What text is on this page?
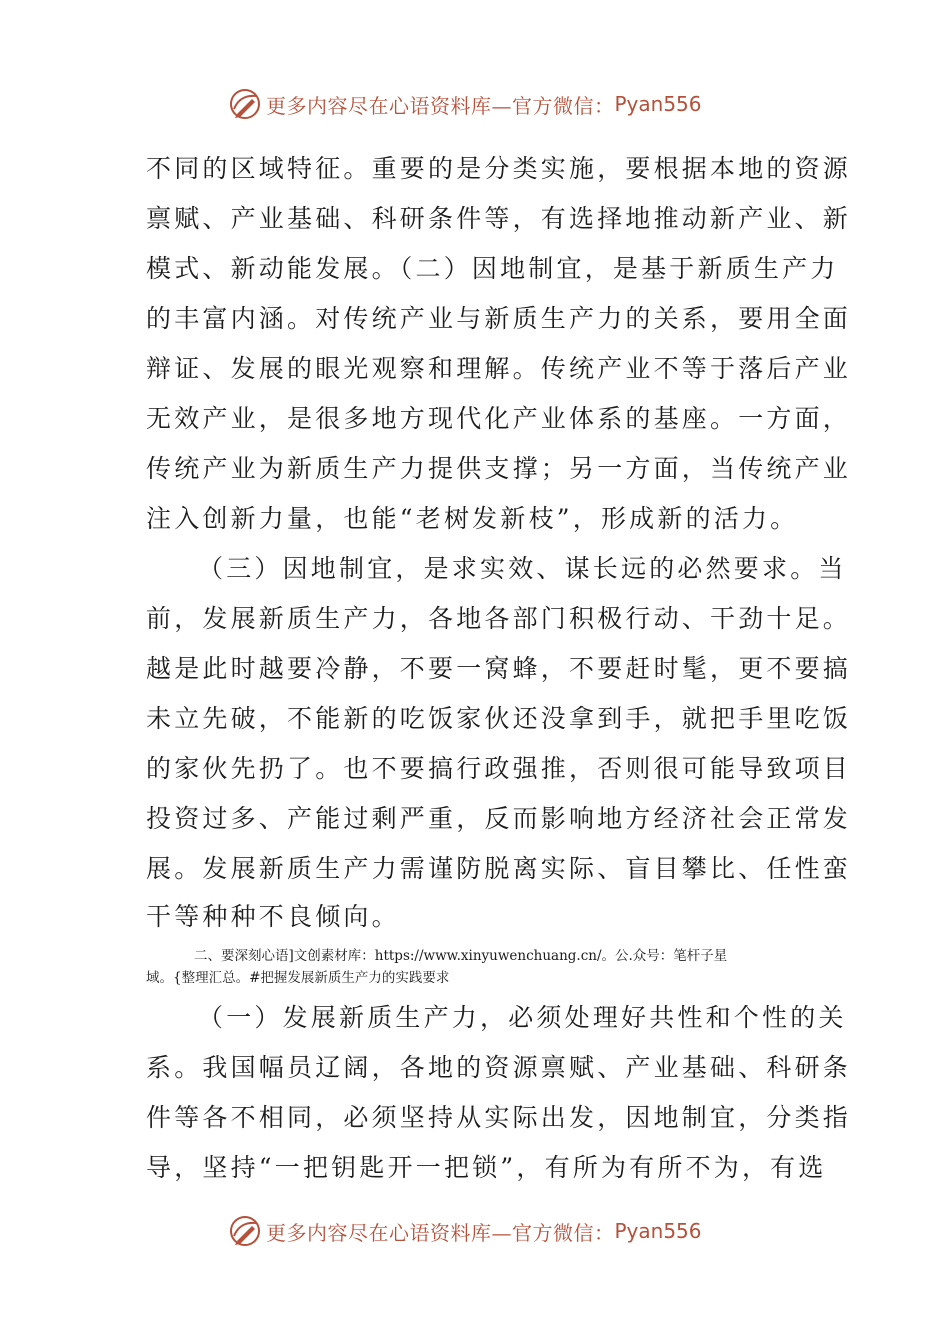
更多内容尽在心语资料库—官方微信： Pyan556
不同的区域特征。重要的是分类实施，要根据本地的资源
禀赋、产业基础、科研条件等，有选择地推动新产业、新
模式、新动能发展。（二）因地制宜，是基于新质生产力
的丰富内涵。对传统产业与新质生产力的关系，要用全面
辩证、发展的眼光观察和理解。传统产业不等于落后产业
无效产业，是很多地方现代化产业体系的基座。一方面，
传统产业为新质生产力提供支撑；另一方面，当传统产业
注入创新力量，也能“老树发新枝”，形成新的活力。
（三）因地制宜，是求实效、谋长远的必然要求。当
前，发展新质生产力，各地各部门积极行动、干劲十足。
越是此时越要冷静，不要一窝蜂，不要赶时髦，更不要搞
未立先破，不能新的吃饭家伙还没拿到手，就把手里吃饭
的家伙先扔了。也不要搞行政强推，否则很可能导致项目
投资过多、产能过剩严重，反而影响地方经济社会正常发
展。发展新质生产力需谨防脱离实际、盲目攀比、任性蛮
干等种种不良倾向。
二、要深刻心语]文创素材库：https://www.xinyuwenchuang.cn/。公.众号：笔杆子星
域。{整理汇总。#把握发展新质生产力的实践要求
（一）发展新质生产力，必须处理好共性和个性的关
系。我国幅员辽阔，各地的资源禀赋、产业基础、科研条
件等各不相同，必须坚持从实际出发，因地制宜，分类指
导，坚持“一把钥匙开一把锁”，有所为有所不为，有选
更多内容尽在心语资料库—官方微信： Pyan556
